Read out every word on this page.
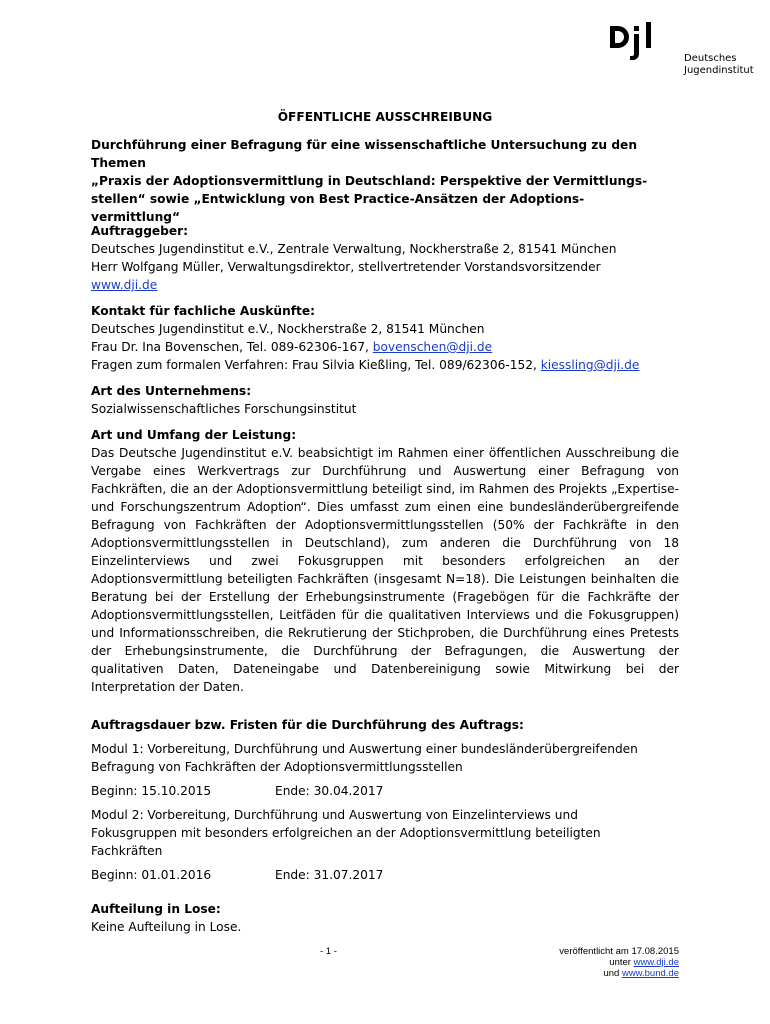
Deutsches
Jugendinstitut
ÖFFENTLICHE AUSSCHREIBUNG
Durchführung einer Befragung für eine wissenschaftliche Untersuchung zu den Themen
„Praxis der Adoptionsvermittlung in Deutschland: Perspektive der Vermittlungs-
stellen“ sowie „Entwicklung von Best Practice-Ansätzen der Adoptions-
vermittlung“
Auftraggeber:
Deutsches Jugendinstitut e.V., Zentrale Verwaltung, Nockherstraße 2, 81541 München
Herr Wolfgang Müller, Verwaltungsdirektor, stellvertretender Vorstandsvorsitzender
www.dji.de
Kontakt für fachliche Auskünfte:
Deutsches Jugendinstitut e.V., Nockherstraße 2, 81541 München
Frau Dr. Ina Bovenschen, Tel. 089-62306-167, bovenschen@dji.de
Fragen zum formalen Verfahren: Frau Silvia Kießling, Tel. 089/62306-152, kiessling@dji.de
Art des Unternehmens:
Sozialwissenschaftliches Forschungsinstitut
Art und Umfang der Leistung:
Das Deutsche Jugendinstitut e.V. beabsichtigt im Rahmen einer öffentlichen Ausschreibung die Vergabe eines Werkvertrags zur Durchführung und Auswertung einer Befragung von Fachkräften, die an der Adoptionsvermittlung beteiligt sind, im Rahmen des Projekts „Expertise- und Forschungszentrum Adoption“. Dies umfasst zum einen eine bundesländerübergreifende Befragung von Fachkräften der Adoptionsvermittlungsstellen (50% der Fachkräfte in den Adoptionsvermittlungsstellen in Deutschland), zum anderen die Durchführung von 18 Einzelinterviews und zwei Fokusgruppen mit besonders erfolgreichen an der Adoptionsvermittlung beteiligten Fachkräften (insgesamt N=18). Die Leistungen beinhalten die Beratung bei der Erstellung der Erhebungsinstrumente (Fragebögen für die Fachkräfte der Adoptionsvermittlungsstellen, Leitfäden für die qualitativen Interviews und die Fokusgruppen) und Informationsschreiben, die Rekrutierung der Stichproben, die Durchführung eines Pretests der Erhebungsinstrumente, die Durchführung der Befragungen, die Auswertung der qualitativen Daten, Dateneingabe und Datenbereinigung sowie Mitwirkung bei der Interpretation der Daten.
Auftragsdauer bzw. Fristen für die Durchführung des Auftrags:
Modul 1: Vorbereitung, Durchführung und Auswertung einer bundesländerübergreifenden
Befragung von Fachkräften der Adoptionsvermittlungsstellen
Beginn: 15.10.2015	Ende: 30.04.2017
Modul 2: Vorbereitung, Durchführung und Auswertung von Einzelinterviews und
Fokusgruppen mit besonders erfolgreichen an der Adoptionsvermittlung beteiligten
Fachkräften
Beginn: 01.01.2016	Ende: 31.07.2017
Aufteilung in Lose:
Keine Aufteilung in Lose.
- 1 -	veröffentlicht am 17.08.2015
unter www.dji.de
und www.bund.de
